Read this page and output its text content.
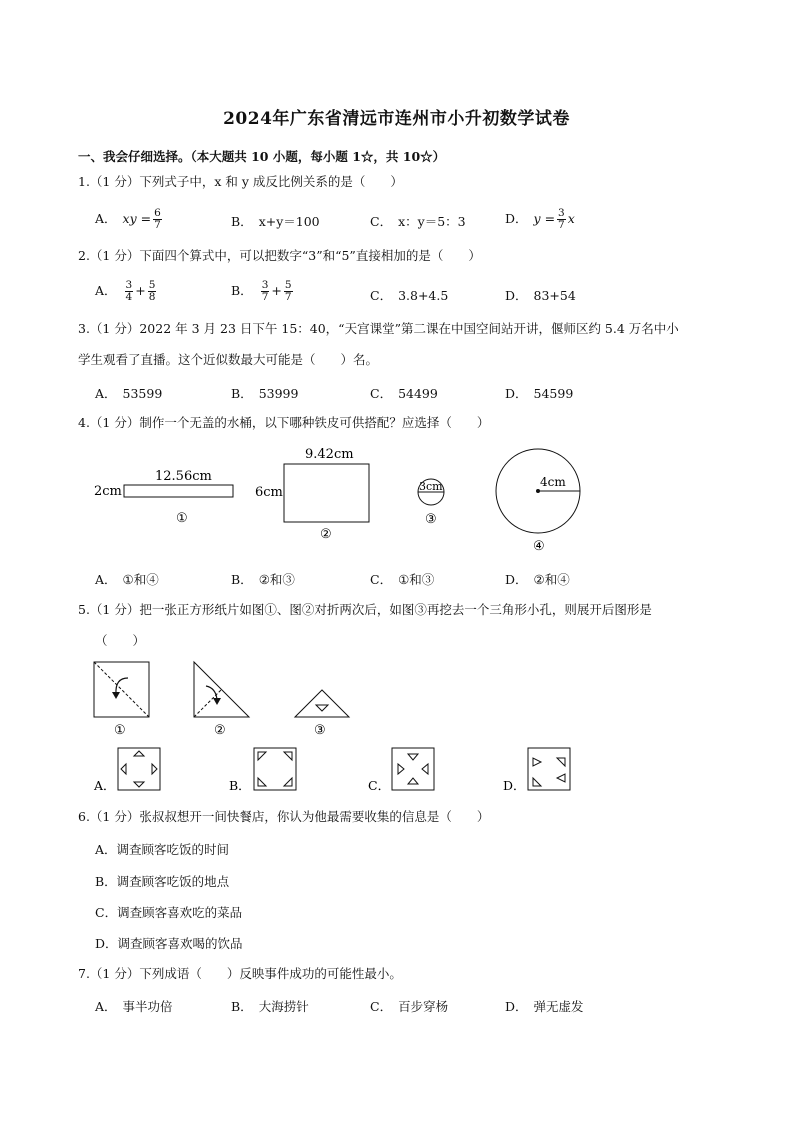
2024年广东省清远市连州市小升初数学试卷
一、我会仔细选择。（本大题共 10 小题，每小题 1☆，共 10☆）
1.（1 分）下列式子中，x 和 y 成反比例关系的是（　　）
A． xy = $\frac{6}{7}$	B． x+y＝100	C． x：y＝5：3	D． $y = \frac{3}{7}$ x
2.（1 分）下面四个算式中，可以把数字“3”和“5”直接相加的是（　　）
A． $\frac{3}{4} + \frac{5}{8}$	B． $\frac{3}{7} + \frac{5}{7}$	C． 3.8+4.5	D． 83+54
3.（1 分）2022 年 3 月 23 日下午 15：40，“天宫课堂”第二课在中国空间站开讲，偃师区约 5.4 万名中小
学生观看了直播。这个近似数最大可能是（　　）名。
A． 53599	B． 53999	C． 54499	D． 54599
4.（1 分）制作一个无盖的水桶，以下哪种铁皮可供搭配？应选择（　　）
12.56cm
2cm
①
9.42cm
6cm
②
3cm
③
4cm
④
A． ①和④	B． ②和③	C． ①和③	D． ②和④
5.（1 分）把一张正方形纸片如图①、图②对折两次后，如图③再挖去一个三角形小孔，则展开后图形是
（　　）
①	②	③
A．	B．	C．	D．
6.（1 分）张叔叔想开一间快餐店，你认为他最需要收集的信息是（　　）
A．调查顾客吃饭的时间
B．调查顾客吃饭的地点
C．调查顾客喜欢吃的菜品
D．调查顾客喜欢喝的饮品
7.（1 分）下列成语（　　）反映事件成功的可能性最小。
A． 事半功倍	B． 大海捞针	C． 百步穿杨	D． 弹无虚发
